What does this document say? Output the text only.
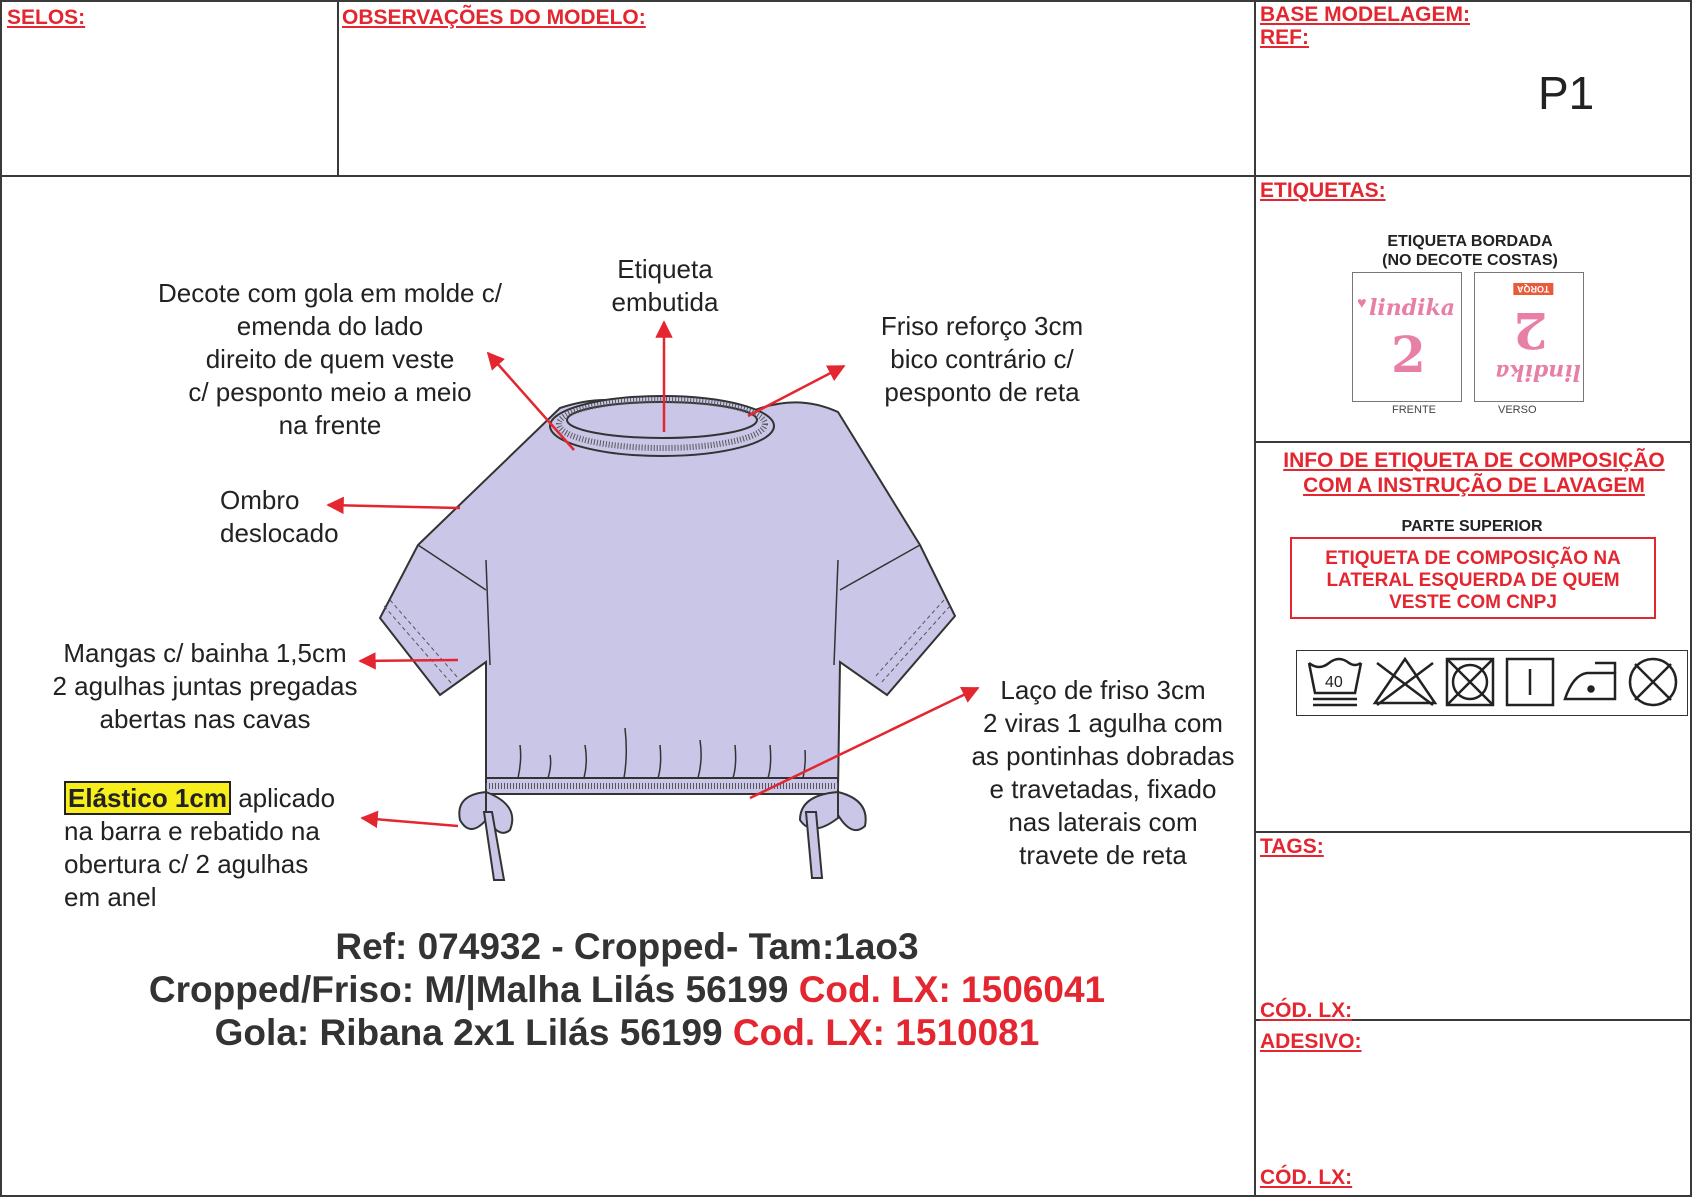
SELOS:	OBSERVAÇÕES DO MODELO:	BASE MODELAGEM:
REF:
P1
Decote com gola em molde c/
emenda do lado
direito de quem veste
c/ pesponto meio a meio
na frente
Etiqueta
embutida
Friso reforço 3cm
bico contrário c/
pesponto de reta
Ombro
deslocado
Mangas c/ bainha 1,5cm
2 agulhas juntas pregadas
abertas nas cavas
Elástico 1cm aplicado
na barra e rebatido na
obertura c/ 2 agulhas
em anel
Laço de friso 3cm
2 viras 1 agulha com
as pontinhas dobradas
e travetadas, fixado
nas laterais com
travete de reta
Ref: 074932 - Cropped- Tam:1ao3
Cropped/Friso: M/|Malha Lilás 56199 Cod. LX: 1506041
Gola: Ribana 2x1 Lilás 56199 Cod. LX: 1510081
ETIQUETAS:
ETIQUETA BORDADA
(NO DECOTE COSTAS)
♥ lindika
2
TORQA
2
lindika
FRENTE	VERSO
INFO DE ETIQUETA DE COMPOSIÇÃO
COM A INSTRUÇÃO DE LAVAGEM
PARTE SUPERIOR
ETIQUETA DE COMPOSIÇÃO NA
LATERAL ESQUERDA DE QUEM
VESTE COM CNPJ
40
TAGS:
CÓD. LX:
ADESIVO:
CÓD. LX:
